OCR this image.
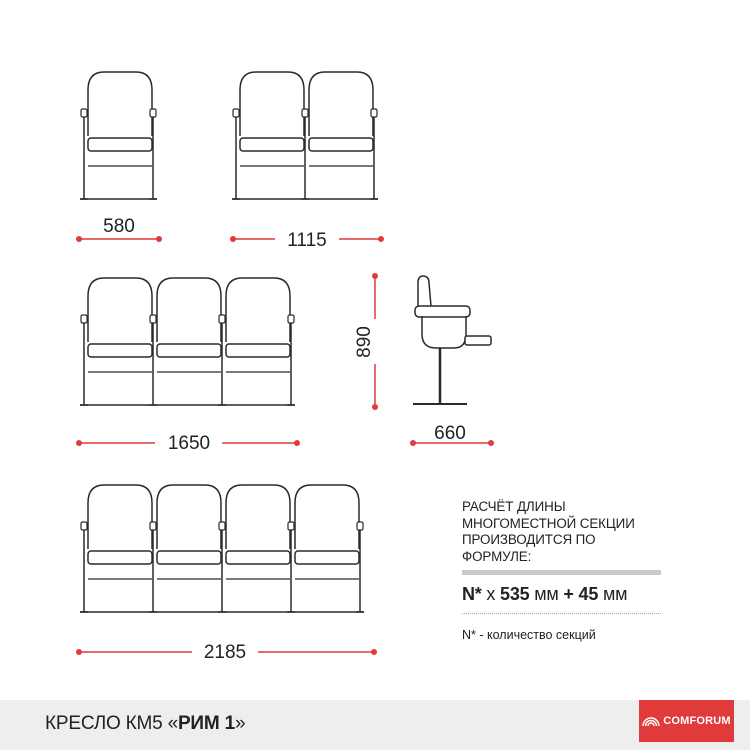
580
1115
1650
2185
660
890
РАСЧЁТ ДЛИНЫ
МНОГОМЕСТНОЙ СЕКЦИИ
ПРОИЗВОДИТСЯ ПО ФОРМУЛЕ:
N* x 535 мм + 45 мм
N* - количество секций
КРЕСЛО КМ5 «РИМ 1»	COMFORUM
